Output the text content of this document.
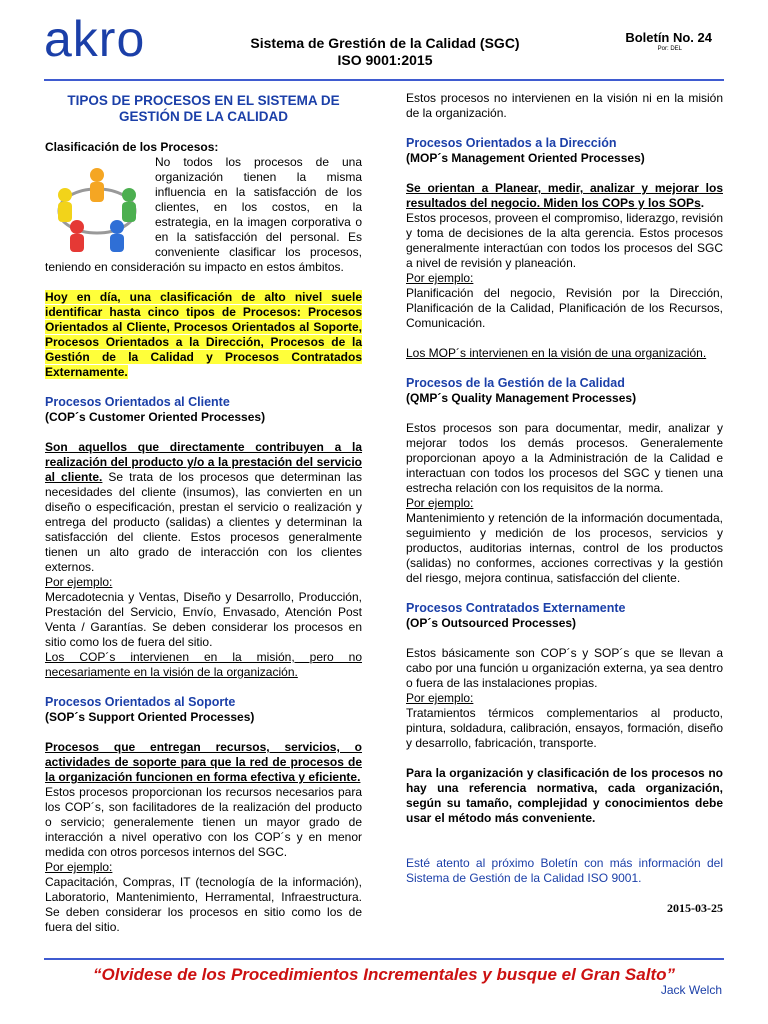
akro	Sistema de Grestión de la Calidad (SGC)
ISO 9001:2015
Boletín No. 24
Por: DEL
TIPOS DE PROCESOS EN EL SISTEMA DE GESTIÓN DE LA CALIDAD
Clasificación de los Procesos:

No todos los procesos de una organización tienen la misma influencia en la satisfacción de los clientes, en los costos, en la estrategia, en la imagen corporativa o en la satisfacción del personal. Es conveniente clasificar los procesos, teniendo en consideración su impacto en estos ámbitos.

Hoy en día, una clasificación de alto nivel suele identificar hasta cinco tipos de Procesos: Procesos Orientados al Cliente, Procesos Orientados al Soporte, Procesos Orientados a la Dirección, Procesos de la Gestión de la Calidad y Procesos Contratados Externamente.

Procesos Orientados al Cliente
(COP´s Customer Oriented Processes)

Son aquellos que directamente contribuyen a la realización del producto y/o a la prestación del servicio al cliente. Se trata de los procesos que determinan las necesidades del cliente (insumos), las convierten en un diseño o especificación, prestan el servicio o realización y entrega del producto (salidas) a clientes y determinan la satisfacción del cliente. Estos procesos generalmente tienen un alto grado de interacción con los clientes externos.

Por ejemplo:

Mercadotecnia y Ventas, Diseño y Desarrollo, Producción, Prestación del Servicio, Envío, Envasado, Atención Post Venta / Garantías. Se deben considerar los procesos en sitio como los de fuera del sitio.

Los COP´s intervienen en la misión, pero no necesariamente en la visión de la organización.

Procesos Orientados al Soporte
(SOP´s Support Oriented Processes)

Procesos que entregan recursos, servicios, o actividades de soporte para que la red de procesos de la organización funcionen en forma efectiva y eficiente.

Estos procesos proporcionan los recursos necesarios para los COP´s, son facilitadores de la realización del producto o servicio; generalemente tienen un mayor grado de interacción a nivel operativo con los COP´s y en menor medida con otros porcesos internos del SGC.

Por ejemplo:

Capacitación, Compras, IT (tecnología de la información), Laboratorio, Mantenimiento, Herramental, Infraestructura. Se deben considerar los procesos en sitio como los de fuera del sitio.

Estos procesos no intervienen en la visión ni en la misión de la organización.

Procesos Orientados a la Dirección
(MOP´s Management Oriented Processes)

Se orientan a Planear, medir, analizar y mejorar los resultados del negocio. Miden los COPs y los SOPs.

Estos procesos, proveen el compromiso, liderazgo, revisión y toma de decisiones de la alta gerencia. Estos procesos generalmente interactúan con todos los procesos del SGC a nivel de revisión y planeación.

Por ejemplo:

Planificación del negocio, Revisión por la Dirección, Planificación de la Calidad, Planificación de los Recursos, Comunicación.

Los MOP´s intervienen en la visión de una organización.

Procesos de la Gestión de la Calidad
(QMP´s Quality Management Processes)

Estos procesos son para documentar, medir, analizar y mejorar todos los demás procesos. Generalemente proporcionan apoyo a la Administración de la Calidad e interactuan con todos los procesos del SGC y tienen una estrecha relación con los requisitos de la norma.

Por ejemplo:

Mantenimiento y retención de la información documentada, seguimiento y medición de los procesos, servicios y productos, auditorias internas, control de los productos (salidas) no conformes, acciones correctivas y la gestión del riesgo, mejora continua, satisfacción del cliente.

Procesos Contratados Externamente
(OP´s Outsourced Processes)

Estos básicamente son COP´s y SOP´s que se llevan a cabo por una función u organización externa, ya sea dentro o fuera de las instalaciones propias.

Por ejemplo:

Tratamientos térmicos complementarios al producto, pintura, soldadura, calibración, ensayos, formación, diseño y desarrollo, fabricación, transporte.

Para la organización y clasificación de los procesos no hay una referencia normativa, cada organización, según su tamaño, complejidad y conocimientos debe usar el método más conveniente.

Esté atento al próximo Boletín con más información del Sistema de Gestión de la Calidad ISO 9001.

2015-03-25

“Olvidese de los Procedimientos Incrementales y busque el Gran Salto”
Jack Welch
